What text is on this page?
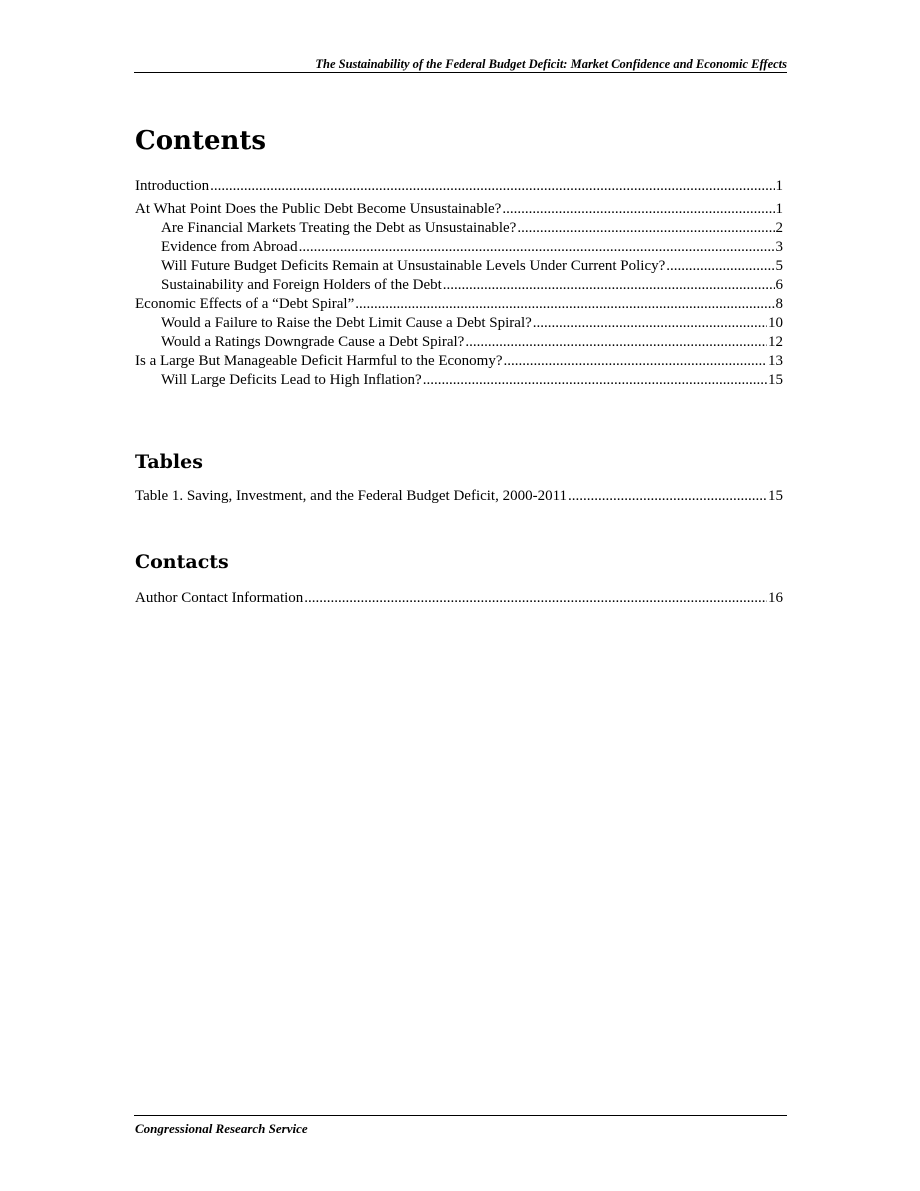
The Sustainability of the Federal Budget Deficit: Market Confidence and Economic Effects
Contents
Introduction .....	1
At What Point Does the Public Debt Become Unsustainable? .....	1
Are Financial Markets Treating the Debt as Unsustainable? .....	2
Evidence from Abroad .....	3
Will Future Budget Deficits Remain at Unsustainable Levels Under Current Policy? .....	5
Sustainability and Foreign Holders of the Debt .....	6
Economic Effects of a “Debt Spiral” .....	8
Would a Failure to Raise the Debt Limit Cause a Debt Spiral? .....	10
Would a Ratings Downgrade Cause a Debt Spiral? .....	12
Is a Large But Manageable Deficit Harmful to the Economy? .....	13
Will Large Deficits Lead to High Inflation? .....	15
Tables
Table 1. Saving, Investment, and the Federal Budget Deficit, 2000-2011 .....	15
Contacts
Author Contact Information .....	16
Congressional Research Service
